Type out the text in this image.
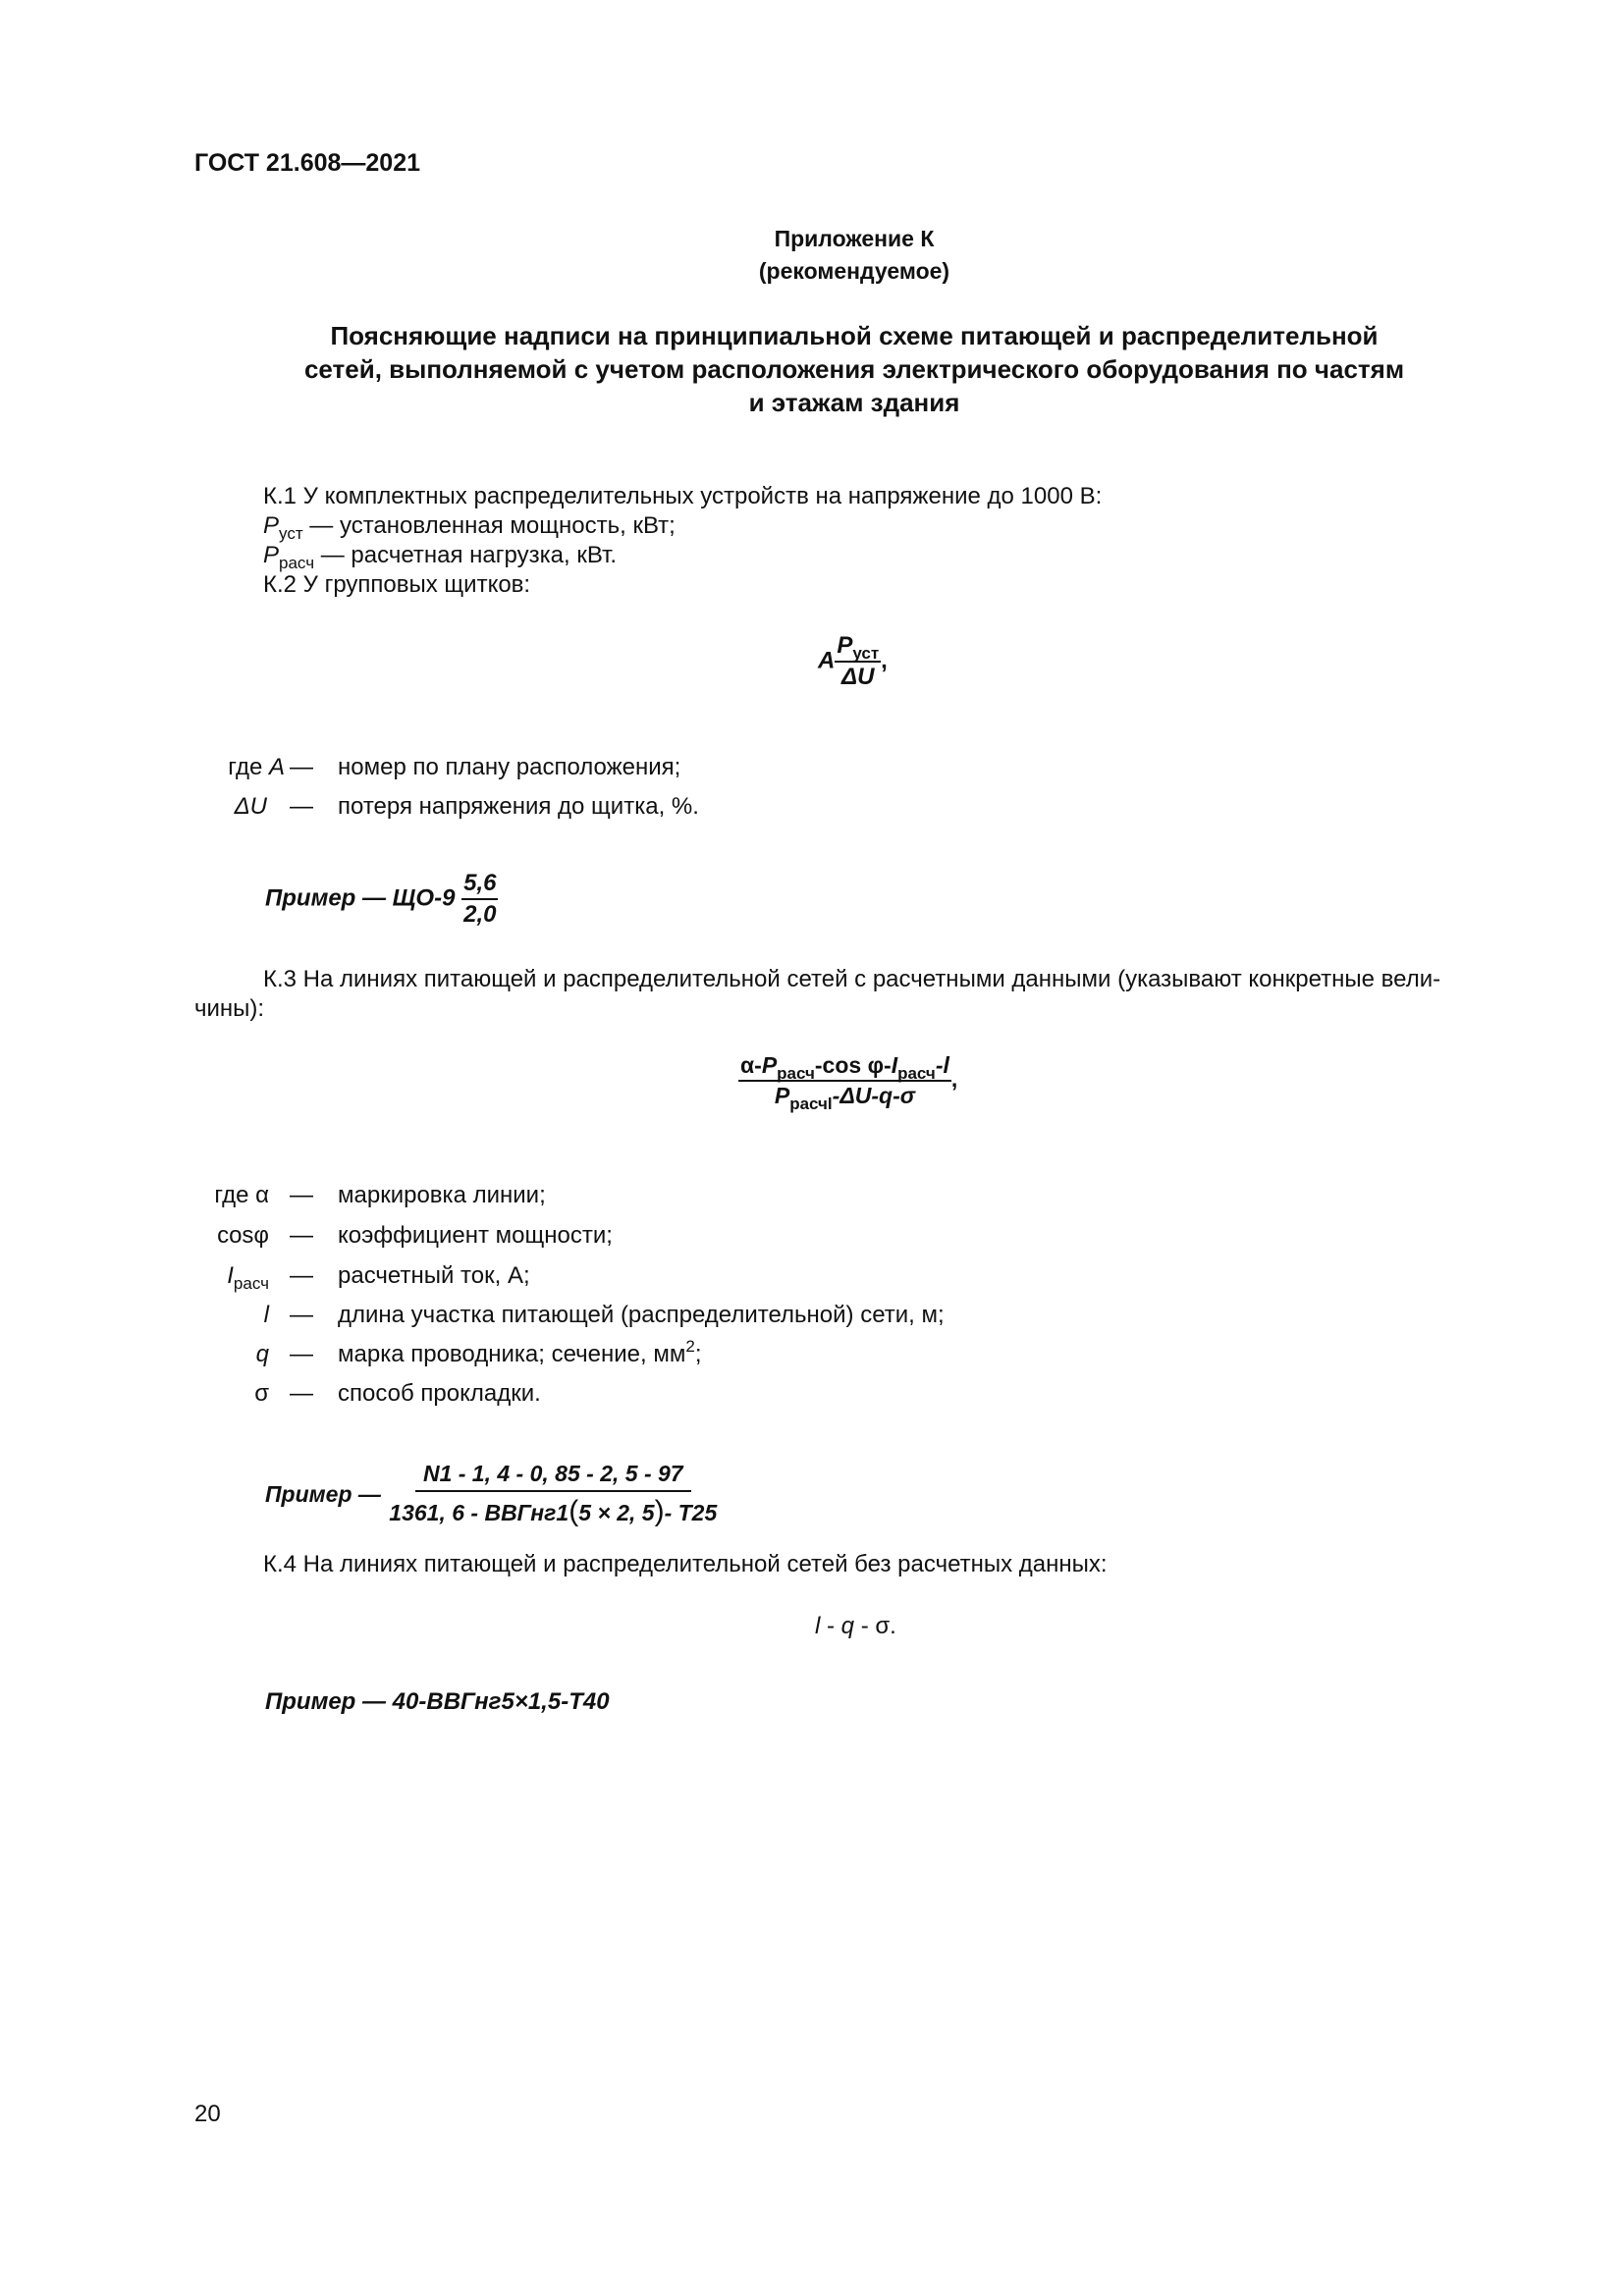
ГОСТ 21.608—2021
Приложение К
(рекомендуемое)
Поясняющие надписи на принципиальной схеме питающей и распределительной
сетей, выполняемой с учетом расположения электрического оборудования по частям
и этажам здания
К.1 У комплектных распределительных устройств на напряжение до 1000 В:
$P_{уст}$ — установленная мощность, кВт;
$P_{расч}$ — расчетная нагрузка, кВт.
К.2 У групповых щитков:
A $\frac{P_{уст}}{\Delta U}$ ,
где A — номер по плану расположения;
ΔU — потеря напряжения до щитка, %.
Пример — $ЩО-9 \frac{5,6}{2,0}$
К.3 На линиях питающей и распределительной сетей с расчетными данными (указывают конкретные вели-
чины):
$\frac{\alpha-P_{расч}-\cos \varphi-I_{расч}-l}{P_{расчl}-\Delta U-q-\sigma}$ ,
где α — маркировка линии;
cosφ — коэффициент мощности;
$I_{расч}$ — расчетный ток, А;
l — длина участка питающей (распределительной) сети, м;
q — марка проводника; сечение, $мм^2$;
σ — способ прокладки.
Пример — $\frac{N1 - 1, 4 - 0, 85 - 2, 5 - 97}{\text{1361, 6 - ВВГнг1(5 × 2, 5)- T25}}$
К.4 На линиях питающей и распределительной сетей без расчетных данных:
l - q - σ.
Пример — 40-ВВГнг5×1,5-Т40
20
